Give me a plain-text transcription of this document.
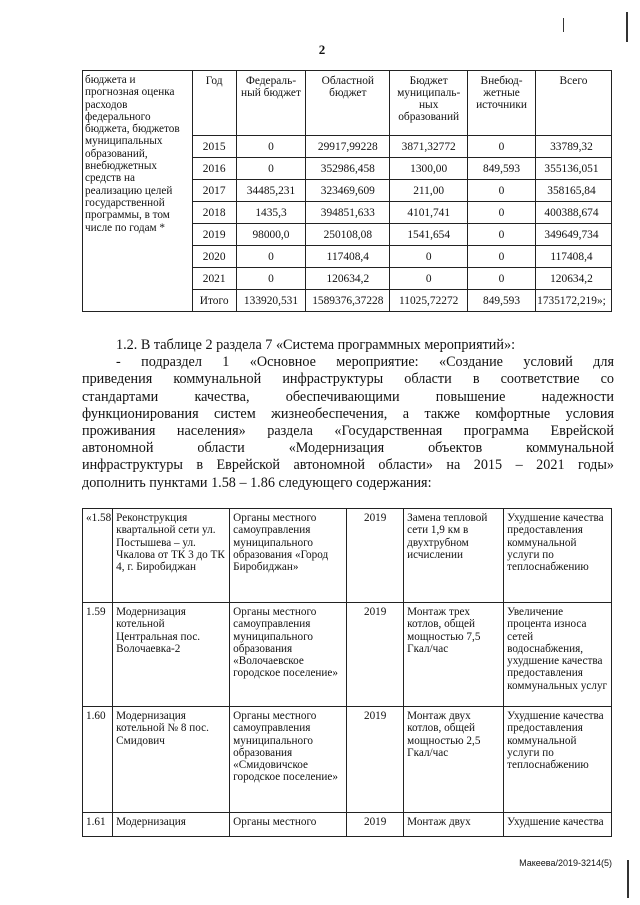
2
бюджета и прогнозная оценка расходов федерального бюджета, бюджетов муниципальных образований, внебюджетных средств на реализацию целей государственной программы, в том числе по годам *	Год	Федераль-ный бюджет	Областной бюджет	Бюджет муниципаль-ных образований	Внебюд-жетные источники	Всего
	2015	0	29917,99228	3871,32772	0	33789,32
	2016	0	352986,458	1300,00	849,593	355136,051
	2017	34485,231	323469,609	211,00	0	358165,84
	2018	1435,3	394851,633	4101,741	0	400388,674
	2019	98000,0	250108,08	1541,654	0	349649,734
	2020	0	117408,4	0	0	117408,4
	2021	0	120634,2	0	0	120634,2
	Итого	133920,531	1589376,37228	11025,72272	849,593	1735172,219»;

1.2. В таблице 2 раздела 7 «Система программных мероприятий»:

- подраздел 1 «Основное мероприятие: «Создание условий для

приведения коммунальной инфраструктуры области в соответствие со

стандартами качества, обеспечивающими повышение надежности

функционирования систем жизнеобеспечения, а также комфортные условия

проживания населения» раздела «Государственная программа Еврейской

автономной области «Модернизация объектов коммунальной

инфраструктуры в Еврейской автономной области» на 2015 – 2021 годы»

дополнить пунктами 1.58 – 1.86 следующего содержания:

«1.58	Реконструкция квартальной сети ул. Постышева – ул. Чкалова от ТК 3 до ТК 4, г. Биробиджан	Органы местного самоуправления муниципального образования «Город Биробиджан»	2019	Замена тепловой сети 1,9 км в двухтрубном исчислении	Ухудшение качества предоставления коммунальной услуги по теплоснабжению
1.59	Модернизация котельной Центральная пос. Волочаевка-2	Органы местного самоуправления муниципального образования «Волочаевское городское поселение»	2019	Монтаж трех котлов, общей мощностью 7,5 Гкал/час	Увеличение процента износа сетей водоснабжения, ухудшение качества предоставления коммунальных услуг
1.60	Модернизация котельной № 8 пос. Смидович	Органы местного самоуправления муниципального образования «Смидовичское городское поселение»	2019	Монтаж двух котлов, общей мощностью 2,5 Гкал/час	Ухудшение качества предоставления коммунальной услуги по теплоснабжению
1.61	Модернизация	Органы местного	2019	Монтаж двух	Ухудшение качества
Макеева/2019-3214(5)
